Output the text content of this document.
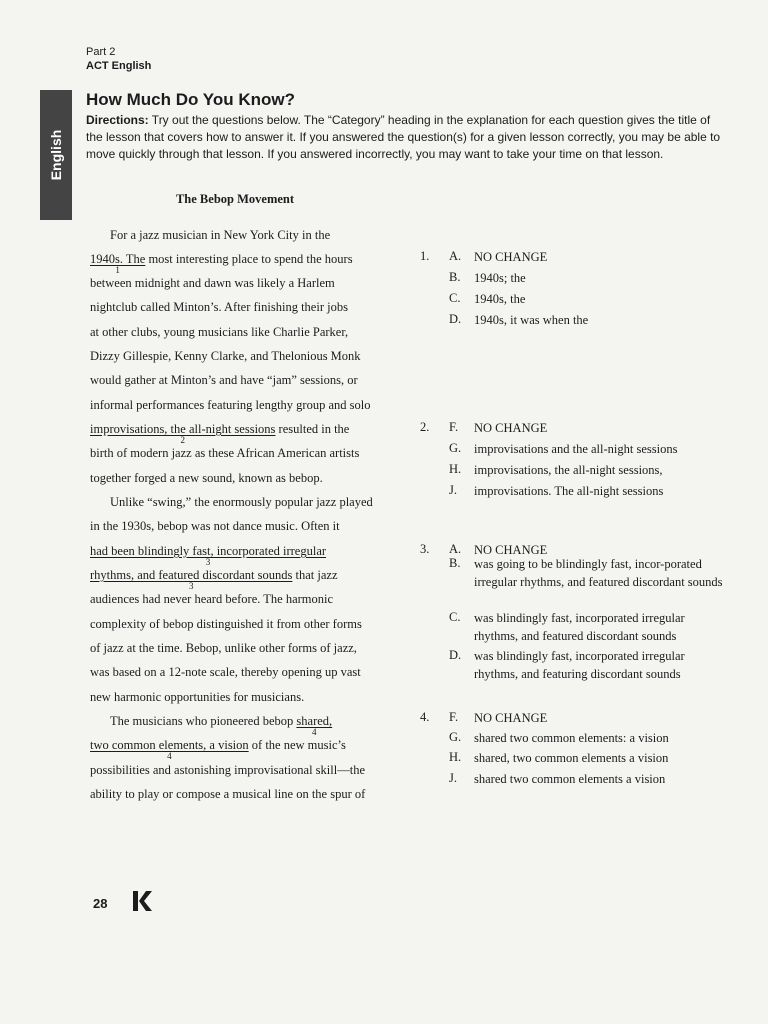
Part 2
ACT English
English
How Much Do You Know?
Directions: Try out the questions below. The “Category” heading in the explanation for each question gives the title of the lesson that covers how to answer it. If you answered the question(s) for a given lesson correctly, you may be able to move quickly through that lesson. If you answered incorrectly, you may want to take your time on that lesson.
The Bebop Movement
For a jazz musician in New York City in the
1940s. The
1
most interesting place to spend the hours
between midnight and dawn was likely a Harlem
nightclub called Minton’s. After finishing their jobs
at other clubs, young musicians like Charlie Parker,
Dizzy Gillespie, Kenny Clarke, and Thelonious Monk
would gather at Minton’s and have “jam” sessions, or
informal performances featuring lengthy group and solo
improvisations, the all-night sessions
2
resulted in the
birth of modern jazz as these African American artists
together forged a new sound, known as bebop.
Unlike “swing,” the enormously popular jazz played
in the 1930s, bebop was not dance music. Often it
had been blindingly fast, incorporated irregular
3
rhythms, and featured discordant sounds
3
that jazz
audiences had never heard before. The harmonic
complexity of bebop distinguished it from other forms
of jazz at the time. Bebop, unlike other forms of jazz,
was based on a 12-note scale, thereby opening up vast
new harmonic opportunities for musicians.
The musicians who pioneered bebop shared,
4
two common elements, a vision
4
of the new music’s
possibilities and astonishing improvisational skill—the
ability to play or compose a musical line on the spur of
1. A. NO CHANGE
B. 1940s; the
C. 1940s, the
D. 1940s, it was when the
2. F. NO CHANGE
G. improvisations and the all-night sessions
H. improvisations, the all-night sessions,
J. improvisations. The all-night sessions
3. A. NO CHANGE
B. was going to be blindingly fast, incor-porated irregular rhythms, and featured discordant sounds
C. was blindingly fast, incorporated irregular rhythms, and featured discordant sounds
D. was blindingly fast, incorporated irregular rhythms, and featuring discordant sounds
4. F. NO CHANGE
G. shared two common elements: a vision
H. shared, two common elements a vision
J. shared two common elements a vision
28
